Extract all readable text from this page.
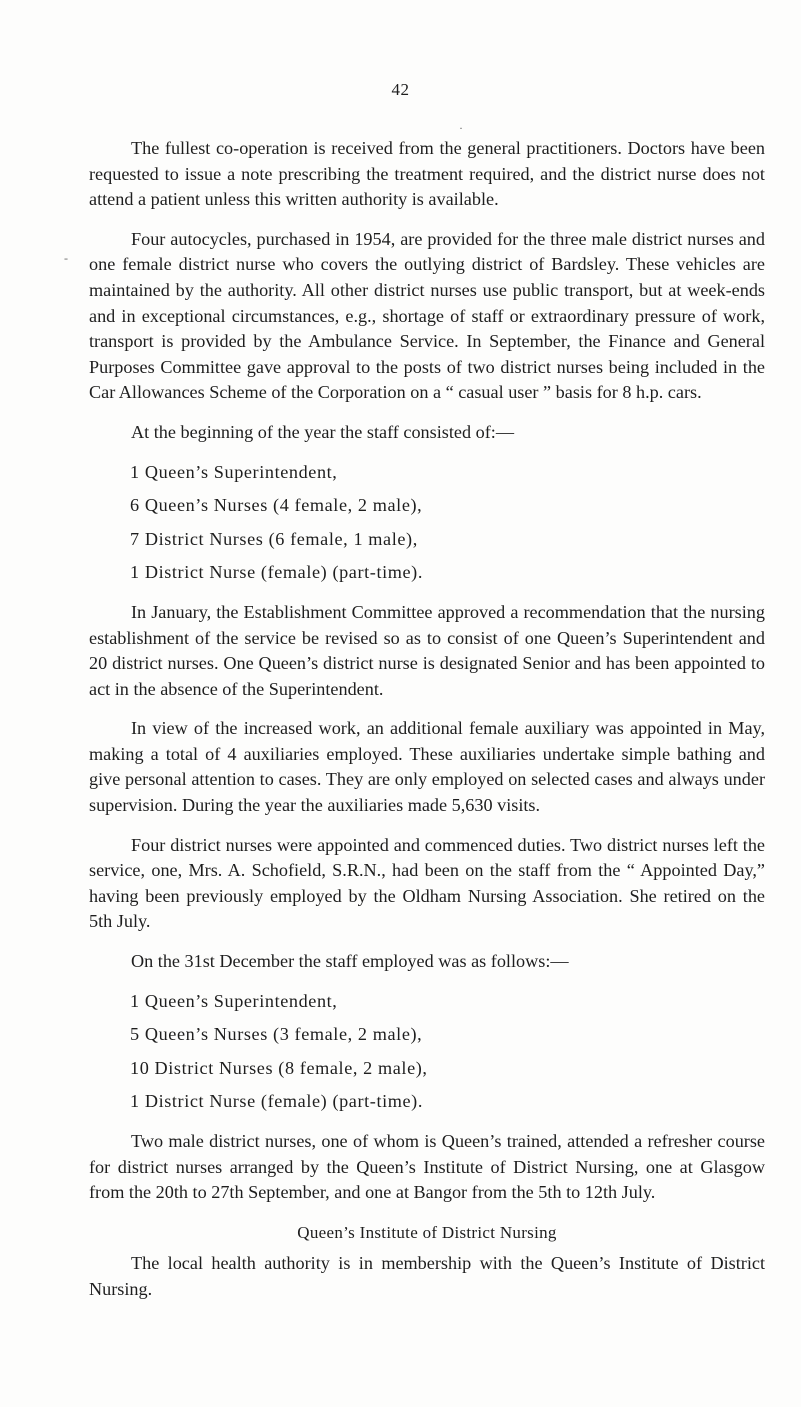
42
·
-

The fullest co-operation is received from the general practitioners. Doctors have been requested to issue a note prescribing the treatment required, and the district nurse does not attend a patient unless this written authority is available.

Four autocycles, purchased in 1954, are provided for the three male district nurses and one female district nurse who covers the outlying district of Bardsley. These vehicles are maintained by the authority. All other district nurses use public transport, but at week-ends and in exceptional circumstances, e.g., shortage of staff or extraordinary pressure of work, transport is provided by the Ambulance Service. In September, the Finance and General Purposes Committee gave approval to the posts of two district nurses being included in the Car Allowances Scheme of the Corporation on a “ casual user ” basis for 8 h.p. cars.

At the beginning of the year the staff consisted of:—

1 Queen’s Superintendent,
6 Queen’s Nurses (4 female, 2 male),
7 District Nurses (6 female, 1 male),
1 District Nurse (female) (part-time).

In January, the Establishment Committee approved a recommendation that the nursing establishment of the service be revised so as to consist of one Queen’s Superintendent and 20 district nurses. One Queen’s district nurse is designated Senior and has been appointed to act in the absence of the Superintendent.

In view of the increased work, an additional female auxiliary was appointed in May, making a total of 4 auxiliaries employed. These auxiliaries undertake simple bathing and give personal attention to cases. They are only employed on selected cases and always under supervision. During the year the auxiliaries made 5,630 visits.

Four district nurses were appointed and commenced duties. Two district nurses left the service, one, Mrs. A. Schofield, S.R.N., had been on the staff from the “ Appointed Day,” having been previously employed by the Oldham Nursing Association. She retired on the 5th July.

On the 31st December the staff employed was as follows:—

1 Queen’s Superintendent,
5 Queen’s Nurses (3 female, 2 male),
10 District Nurses (8 female, 2 male),
1 District Nurse (female) (part-time).

Two male district nurses, one of whom is Queen’s trained, attended a refresher course for district nurses arranged by the Queen’s Institute of District Nursing, one at Glasgow from the 20th to 27th September, and one at Bangor from the 5th to 12th July.

Queen’s Institute of District Nursing

The local health authority is in membership with the Queen’s Institute of District Nursing.
